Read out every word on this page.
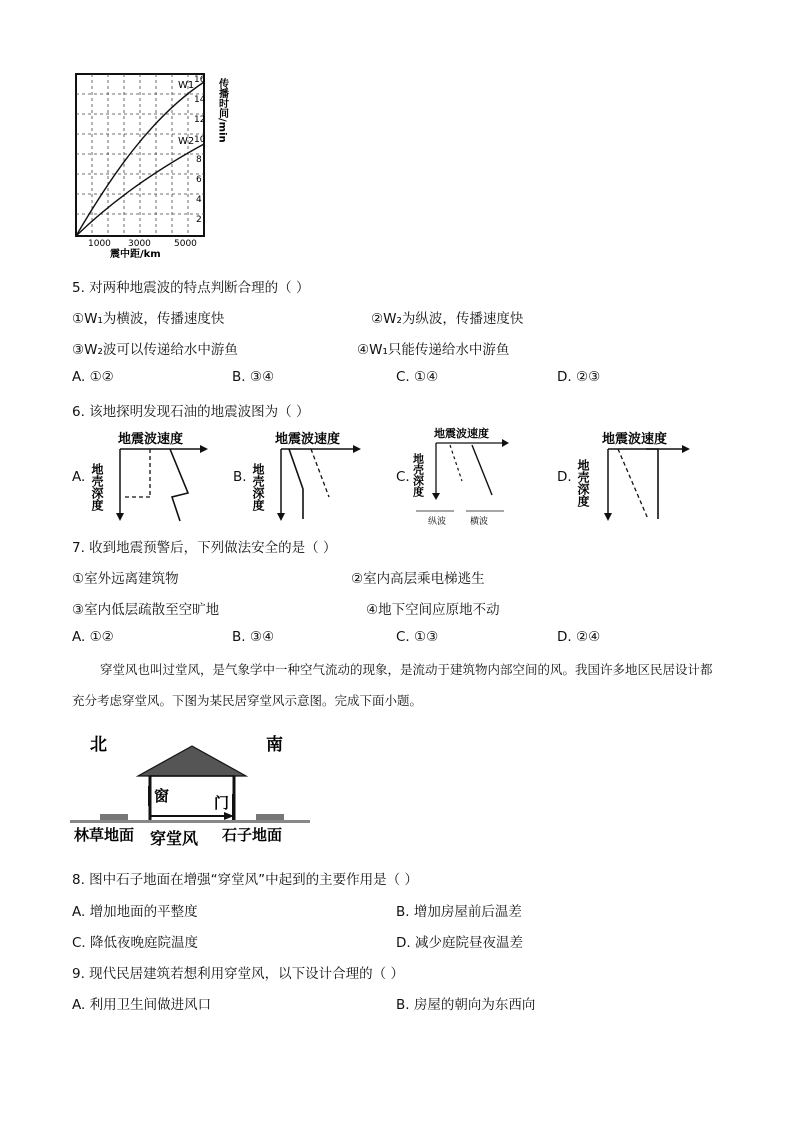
W1
W2
16
14
12
10
8
6
4
2
1000 3000	5000
震中距/km
传播时间/min
5. 对两种地震波的特点判断合理的（ ）
①W₁为横波，传播速度快	②W₂为纵波，传播速度快
③W₂波可以传递给水中游鱼	④W₁只能传递给水中游鱼
A. ①②	B. ③④	C. ①④	D. ②③
6. 该地探明发现石油的地震波图为（ ）
A.
地震波速度
地壳深度	B.
地震波速度
地壳深度	C.
地震波速度
地壳深度
纵波	横波
D.
地震波速度
地壳深度
7. 收到地震预警后，下列做法安全的是（ ）
①室外远离建筑物	②室内高层乘电梯逃生
③室内低层疏散至空旷地	④地下空间应原地不动
A. ①②	B. ③④	C. ①③	D. ②④

穿堂风也叫过堂风，是气象学中一种空气流动的现象，是流动于建筑物内部空间的风。我国许多地区民居设计都充分考虑穿堂风。下图为某民居穿堂风示意图。完成下面小题。

北	南
窗	门
林草地面 穿堂风 石子地面
8. 图中石子地面在增强“穿堂风”中起到的主要作用是（ ）
A. 增加地面的平整度	B. 增加房屋前后温差
C. 降低夜晚庭院温度	D. 减少庭院昼夜温差
9. 现代民居建筑若想利用穿堂风，以下设计合理的（ ）
A. 利用卫生间做进风口	B. 房屋的朝向为东西向
